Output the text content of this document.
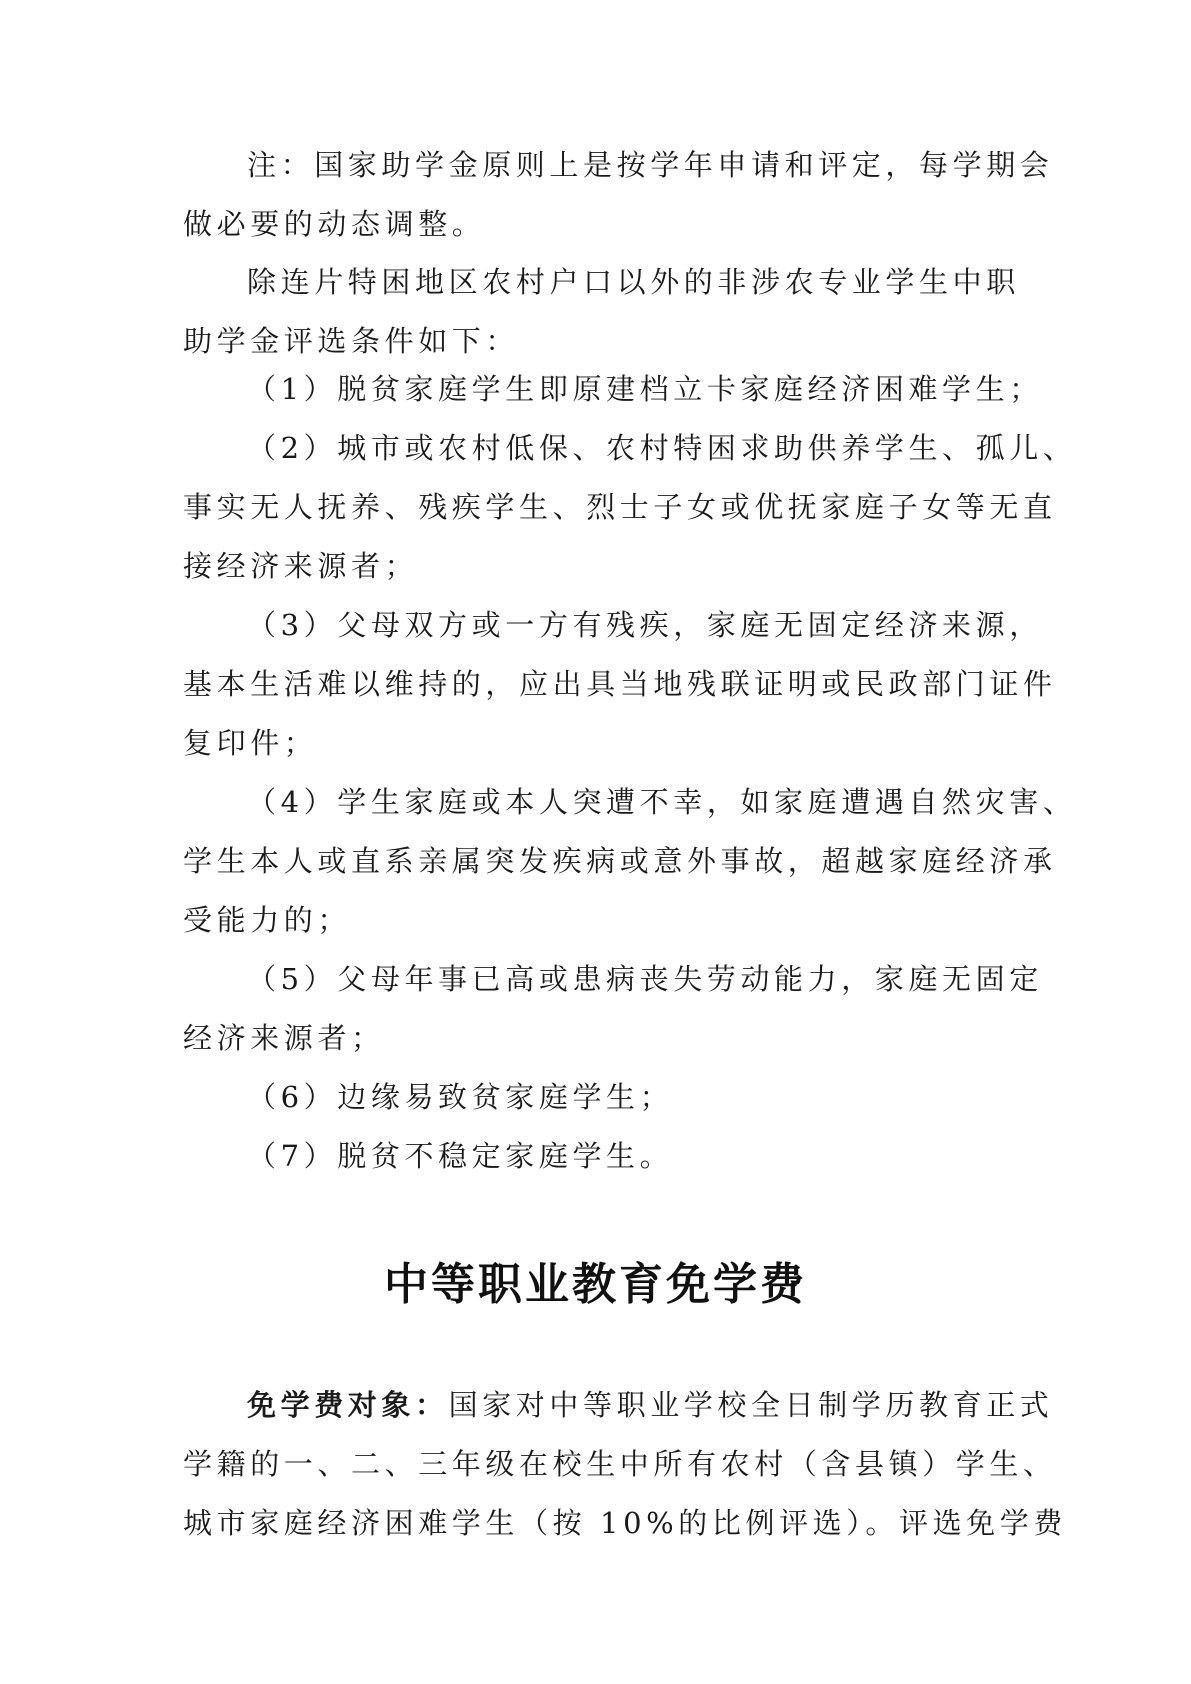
注：国家助学金原则上是按学年申请和评定，每学期会
做必要的动态调整。
除连片特困地区农村户口以外的非涉农专业学生中职
助学金评选条件如下：
（1）脱贫家庭学生即原建档立卡家庭经济困难学生；
（2）城市或农村低保、农村特困求助供养学生、孤儿、
事实无人抚养、残疾学生、烈士子女或优抚家庭子女等无直
接经济来源者；
（3）父母双方或一方有残疾，家庭无固定经济来源，
基本生活难以维持的，应出具当地残联证明或民政部门证件
复印件；
（4）学生家庭或本人突遭不幸，如家庭遭遇自然灾害、
学生本人或直系亲属突发疾病或意外事故，超越家庭经济承
受能力的；
（5）父母年事已高或患病丧失劳动能力，家庭无固定
经济来源者；
（6）边缘易致贫家庭学生；
（7）脱贫不稳定家庭学生。
中等职业教育免学费
免学费对象：国家对中等职业学校全日制学历教育正式
学籍的一、二、三年级在校生中所有农村（含县镇）学生、
城市家庭经济困难学生（按 10%的比例评选）。评选免学费
